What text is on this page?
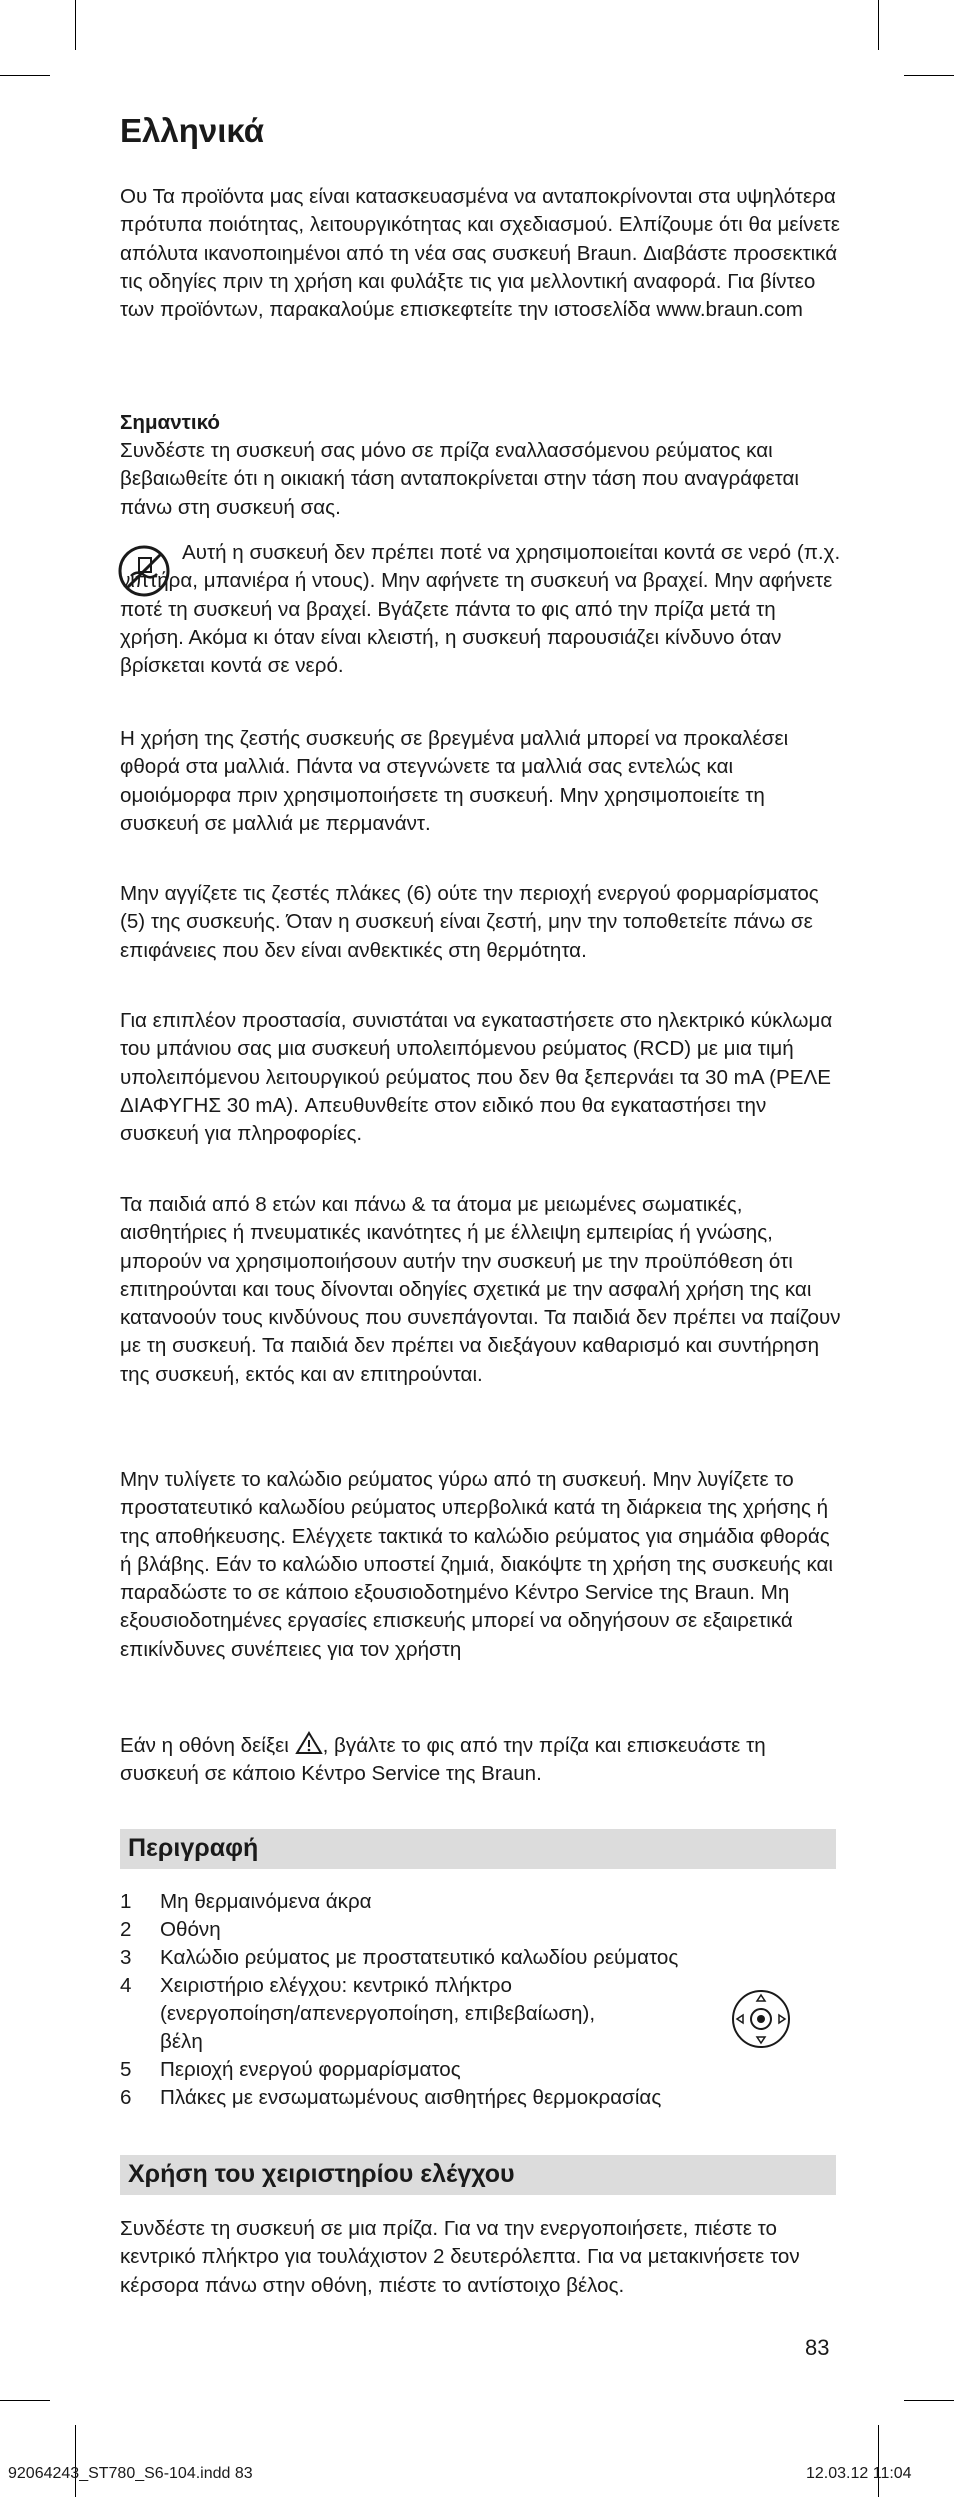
Ελληνικά

Ου Τα προϊόντα μας είναι κατασκευασμένα να ανταποκρίνονται στα υψηλότερα πρότυπα ποιότητας, λειτουργικότητας και σχεδιασμού. Ελπίζουμε ότι θα μείνετε απόλυτα ικανοποιημένοι από τη νέα σας συσκευή Braun. Διαβάστε προσεκτικά τις οδηγίες πριν τη χρήση και φυλάξτε τις για μελλοντική αναφορά. Για βίντεο των προϊόντων, παρακαλούμε επισκεφτείτε την ιστοσελίδα www.braun.com

Σημαντικό

Συνδέστε τη συσκευή σας μόνο σε πρίζα εναλλασσόμενου ρεύματος και βεβαιωθείτε ότι η οικιακή τάση ανταποκρίνεται στην τάση που αναγράφεται πάνω στη συσκευή σας.

Αυτή η συσκευή δεν πρέπει ποτέ να χρησιμοποιείται κοντά σε νερό (π.χ. νιπτήρα, μπανιέρα ή ντους). Μην αφήνετε τη συσκευή να βραχεί. Μην αφήνετε ποτέ τη συσκευή να βραχεί. Βγάζετε πάντα το φις από την πρίζα μετά τη χρήση. Ακόμα κι όταν είναι κλειστή, η συσκευή παρουσιάζει κίνδυνο όταν βρίσκεται κοντά σε νερό.

Η χρήση της ζεστής συσκευής σε βρεγμένα μαλλιά μπορεί να προκαλέσει φθορά στα μαλλιά. Πάντα να στεγνώνετε τα μαλλιά σας εντελώς και ομοιόμορφα πριν χρησιμοποιήσετε τη συσκευή. Μην χρησιμοποιείτε τη συσκευή σε μαλλιά με περμανάντ.

Μην αγγίζετε τις ζεστές πλάκες (6) ούτε την περιοχή ενεργού φορμαρίσματος (5) της συσκευής. Όταν η συσκευή είναι ζεστή, μην την τοποθετείτε πάνω σε επιφάνειες που δεν είναι ανθεκτικές στη θερμότητα.

Για επιπλέον προστασία, συνιστάται να εγκαταστήσετε στο ηλεκτρικό κύκλωμα του μπάνιου σας μια συσκευή υπολειπόμενου ρεύματος (RCD) με μια τιμή υπολειπόμενου λειτουργικού ρεύματος που δεν θα ξεπερνάει τα 30 mA (ΡΕΛΕ ΔΙΑΦΥΓΗΣ 30 mA). Απευθυνθείτε στον ειδικό που θα εγκαταστήσει την συσκευή για πληροφορίες.

Τα παιδιά από 8 ετών και πάνω & τα άτομα με μειωμένες σωματικές, αισθητήριες ή πνευματικές ικανότητες ή με έλλειψη εμπειρίας ή γνώσης, μπορούν να χρησιμοποιήσουν αυτήν την συσκευή με την προϋπόθεση ότι επιτηρούνται και τους δίνονται οδηγίες σχετικά με την ασφαλή χρήση της και κατανοούν τους κινδύνους που συνεπάγονται. Τα παιδιά δεν πρέπει να παίζουν με τη συσκευή. Τα παιδιά δεν πρέπει να διεξάγουν καθαρισμό και συντήρηση της συσκευή, εκτός και αν επιτηρούνται.

Μην τυλίγετε το καλώδιο ρεύματος γύρω από τη συσκευή. Μην λυγίζετε το προστατευτικό καλωδίου ρεύματος υπερβολικά κατά τη διάρκεια της χρήσης ή της αποθήκευσης. Ελέγχετε τακτικά το καλώδιο ρεύματος για σημάδια φθοράς ή βλάβης. Εάν το καλώδιο υποστεί ζημιά, διακόψτε τη χρήση της συσκευής και παραδώστε το σε κάποιο εξουσιοδοτημένο Κέντρο Service της Braun. Μη εξουσιοδοτημένες εργασίες επισκευής μπορεί να οδηγήσουν σε εξαιρετικά επικίνδυνες συνέπειες για τον χρήστη

Εάν η οθόνη δείξει , βγάλτε το φις από την πρίζα και επισκευάστε τη συσκευή σε κάποιο Κέντρο Service της Braun.

Περιγραφή
1	Μη θερμαινόμενα άκρα
2	Οθόνη
3	Καλώδιο ρεύματος με προστατευτικό καλωδίου ρεύματος
4	Χειριστήριο ελέγχου: κεντρικό πλήκτρο
(ενεργοποίηση/απενεργοποίηση, επιβεβαίωση),
βέλη
5	Περιοχή ενεργού φορμαρίσματος
6	Πλάκες με ενσωματωμένους αισθητήρες θερμοκρασίας
Χρήση του χειριστηρίου ελέγχου

Συνδέστε τη συσκευή σε μια πρίζα. Για να την ενεργοποιήσετε, πιέστε το κεντρικό πλήκτρο για τουλάχιστον 2 δευτερόλεπτα. Για να μετακινήσετε τον κέρσορα πάνω στην οθόνη, πιέστε το αντίστοιχο βέλος.

83
92064243_ST780_S6-104.indd 83	12.03.12 11:04
